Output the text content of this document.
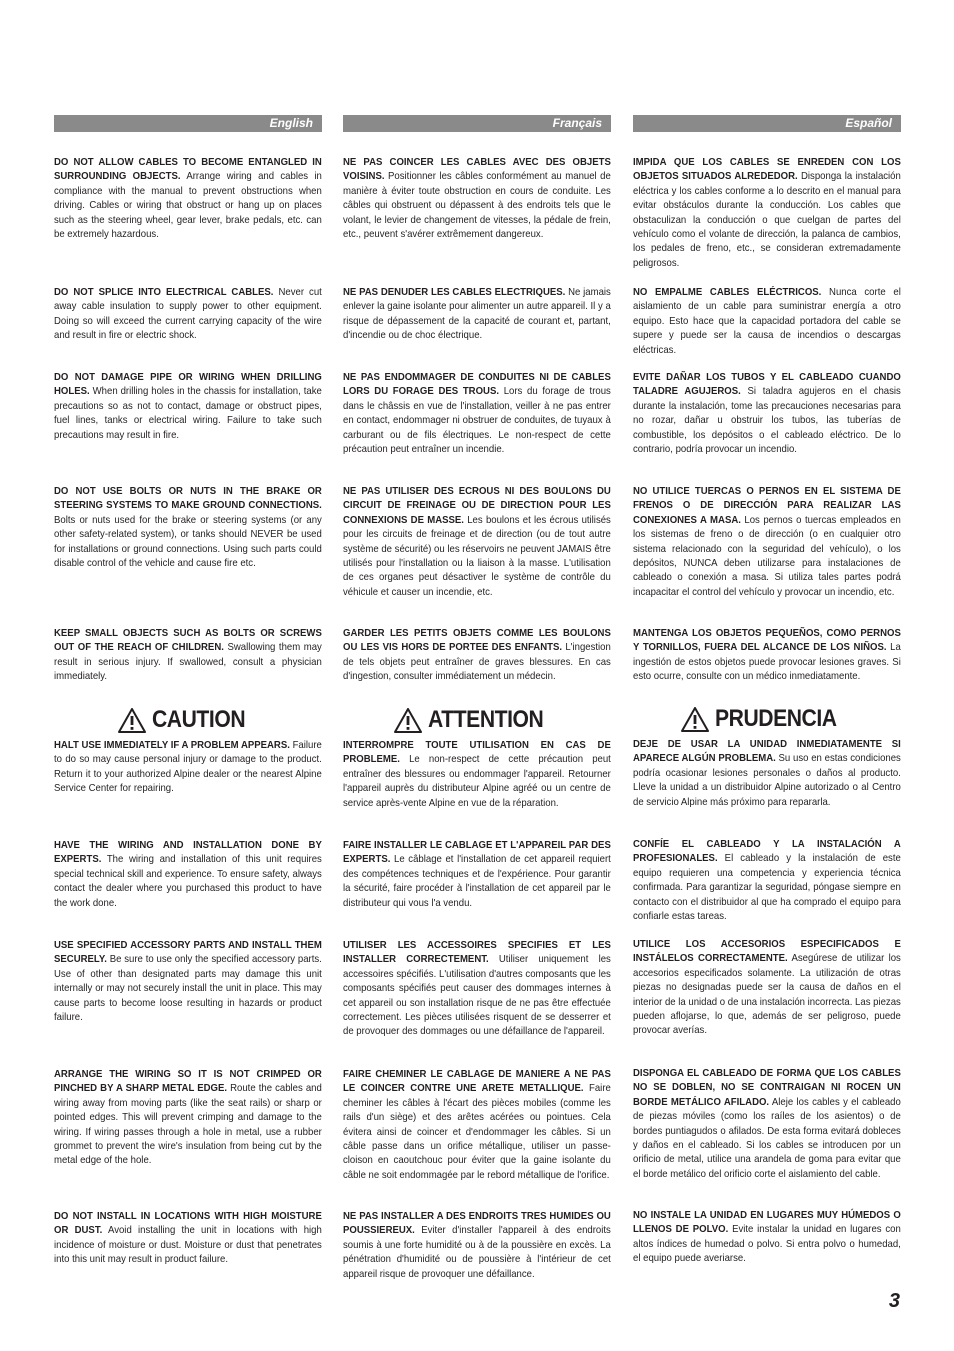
English
DO NOT ALLOW CABLES TO BECOME ENTANGLED IN SURROUNDING OBJECTS. Arrange wiring and cables in compliance with the manual to prevent obstructions when driving. Cables or wiring that obstruct or hang up on places such as the steering wheel, gear lever, brake pedals, etc. can be extremely hazardous.
DO NOT SPLICE INTO ELECTRICAL CABLES. Never cut away cable insulation to supply power to other equipment. Doing so will exceed the current carrying capacity of the wire and result in fire or electric shock.
DO NOT DAMAGE PIPE OR WIRING WHEN DRILLING HOLES. When drilling holes in the chassis for installation, take precautions so as not to contact, damage or obstruct pipes, fuel lines, tanks or electrical wiring. Failure to take such precautions may result in fire.
DO NOT USE BOLTS OR NUTS IN THE BRAKE OR STEERING SYSTEMS TO MAKE GROUND CONNECTIONS. Bolts or nuts used for the brake or steering systems (or any other safety-related system), or tanks should NEVER be used for installations or ground connections. Using such parts could disable control of the vehicle and cause fire etc.
KEEP SMALL OBJECTS SUCH AS BOLTS OR SCREWS OUT OF THE REACH OF CHILDREN. Swallowing them may result in serious injury. If swallowed, consult a physician immediately.
CAUTION
HALT USE IMMEDIATELY IF A PROBLEM APPEARS. Failure to do so may cause personal injury or damage to the product. Return it to your authorized Alpine dealer or the nearest Alpine Service Center for repairing.
HAVE THE WIRING AND INSTALLATION DONE BY EXPERTS. The wiring and installation of this unit requires special technical skill and experience. To ensure safety, always contact the dealer where you purchased this product to have the work done.
USE SPECIFIED ACCESSORY PARTS AND INSTALL THEM SECURELY. Be sure to use only the specified accessory parts. Use of other than designated parts may damage this unit internally or may not securely install the unit in place. This may cause parts to become loose resulting in hazards or product failure.
ARRANGE THE WIRING SO IT IS NOT CRIMPED OR PINCHED BY A SHARP METAL EDGE. Route the cables and wiring away from moving parts (like the seat rails) or sharp or pointed edges. This will prevent crimping and damage to the wiring. If wiring passes through a hole in metal, use a rubber grommet to prevent the wire's insulation from being cut by the metal edge of the hole.
DO NOT INSTALL IN LOCATIONS WITH HIGH MOISTURE OR DUST. Avoid installing the unit in locations with high incidence of moisture or dust. Moisture or dust that penetrates into this unit may result in product failure.
Français
NE PAS COINCER LES CABLES AVEC DES OBJETS VOISINS. Positionner les câbles conformément au manuel de manière à éviter toute obstruction en cours de conduite. Les câbles qui obstruent ou dépassent à des endroits tels que le volant, le levier de changement de vitesses, la pédale de frein, etc., peuvent s'avérer extrêmement dangereux.
NE PAS DENUDER LES CABLES ELECTRIQUES. Ne jamais enlever la gaine isolante pour alimenter un autre appareil. Il y a risque de dépassement de la capacité de courant et, partant, d'incendie ou de choc électrique.
NE PAS ENDOMMAGER DE CONDUITES NI DE CABLES LORS DU FORAGE DES TROUS. Lors du forage de trous dans le châssis en vue de l'installation, veiller à ne pas entrer en contact, endommager ni obstruer de conduites, de tuyaux à carburant ou de fils électriques. Le non-respect de cette précaution peut entraîner un incendie.
NE PAS UTILISER DES ECROUS NI DES BOULONS DU CIRCUIT DE FREINAGE OU DE DIRECTION POUR LES CONNEXIONS DE MASSE. Les boulons et les écrous utilisés pour les circuits de freinage et de direction (ou de tout autre système de sécurité) ou les réservoirs ne peuvent JAMAIS être utilisés pour l'installation ou la liaison à la masse. L'utilisation de ces organes peut désactiver le système de contrôle du véhicule et causer un incendie, etc.
GARDER LES PETITS OBJETS COMME LES BOULONS OU LES VIS HORS DE PORTEE DES ENFANTS. L'ingestion de tels objets peut entraîner de graves blessures. En cas d'ingestion, consulter immédiatement un médecin.
ATTENTION
INTERROMPRE TOUTE UTILISATION EN CAS DE PROBLEME. Le non-respect de cette précaution peut entraîner des blessures ou endommager l'appareil. Retourner l'appareil auprès du distributeur Alpine agréé ou un centre de service après-vente Alpine en vue de la réparation.
FAIRE INSTALLER LE CABLAGE ET L'APPAREIL PAR DES EXPERTS. Le câblage et l'installation de cet appareil requiert des compétences techniques et de l'expérience. Pour garantir la sécurité, faire procéder à l'installation de cet appareil par le distributeur qui vous l'a vendu.
UTILISER LES ACCESSOIRES SPECIFIES ET LES INSTALLER CORRECTEMENT. Utiliser uniquement les accessoires spécifiés. L'utilisation d'autres composants que les composants spécifiés peut causer des dommages internes à cet appareil ou son installation risque de ne pas être effectuée correctement. Les pièces utilisées risquent de se desserrer et de provoquer des dommages ou une défaillance de l'appareil.
FAIRE CHEMINER LE CABLAGE DE MANIERE A NE PAS LE COINCER CONTRE UNE ARETE METALLIQUE. Faire cheminer les câbles à l'écart des pièces mobiles (comme les rails d'un siège) et des arêtes acérées ou pointues. Cela évitera ainsi de coincer et d'endommager les câbles. Si un câble passe dans un orifice métallique, utiliser un passe-cloison en caoutchouc pour éviter que la gaine isolante du câble ne soit endommagée par le rebord métallique de l'orifice.
NE PAS INSTALLER A DES ENDROITS TRES HUMIDES OU POUSSIEREUX. Eviter d'installer l'appareil à des endroits soumis à une forte humidité ou à de la poussière en excès. La pénétration d'humidité ou de poussière à l'intérieur de cet appareil risque de provoquer une défaillance.
Español
IMPIDA QUE LOS CABLES SE ENREDEN CON LOS OBJETOS SITUADOS ALREDEDOR. Disponga la instalación eléctrica y los cables conforme a lo descrito en el manual para evitar obstáculos durante la conducción. Los cables que obstaculizan la conducción o que cuelgan de partes del vehículo como el volante de dirección, la palanca de cambios, los pedales de freno, etc., se consideran extremadamente peligrosos.
NO EMPALME CABLES ELÉCTRICOS. Nunca corte el aislamiento de un cable para suministrar energía a otro equipo. Esto hace que la capacidad portadora del cable se supere y puede ser la causa de incendios o descargas eléctricas.
EVITE DAÑAR LOS TUBOS Y EL CABLEADO CUANDO TALADRE AGUJEROS. Si taladra agujeros en el chasis durante la instalación, tome las precauciones necesarias para no rozar, dañar u obstruir los tubos, las tuberías de combustible, los depósitos o el cableado eléctrico. De lo contrario, podría provocar un incendio.
NO UTILICE TUERCAS O PERNOS EN EL SISTEMA DE FRENOS O DE DIRECCIÓN PARA REALIZAR LAS CONEXIONES A MASA. Los pernos o tuercas empleados en los sistemas de freno o de dirección (o en cualquier otro sistema relacionado con la seguridad del vehículo), o los depósitos, NUNCA deben utilizarse para instalaciones de cableado o conexión a masa. Si utiliza tales partes podrá incapacitar el control del vehículo y provocar un incendio, etc.
MANTENGA LOS OBJETOS PEQUEÑOS, COMO PERNOS Y TORNILLOS, FUERA DEL ALCANCE DE LOS NIÑOS. La ingestión de estos objetos puede provocar lesiones graves. Si esto ocurre, consulte con un médico inmediatamente.
PRUDENCIA
DEJE DE USAR LA UNIDAD INMEDIATAMENTE SI APARECE ALGÚN PROBLEMA. Su uso en estas condiciones podría ocasionar lesiones personales o daños al producto. Lleve la unidad a un distribuidor Alpine autorizado o al Centro de servicio Alpine más próximo para repararla.
CONFÍE EL CABLEADO Y LA INSTALACIÓN A PROFESIONALES. El cableado y la instalación de este equipo requieren una competencia y experiencia técnica confirmada. Para garantizar la seguridad, póngase siempre en contacto con el distribuidor al que ha comprado el equipo para confiarle estas tareas.
UTILICE LOS ACCESORIOS ESPECIFICADOS E INSTÁLELOS CORRECTAMENTE. Asegúrese de utilizar los accesorios especificados solamente. La utilización de otras piezas no designadas puede ser la causa de daños en el interior de la unidad o de una instalación incorrecta. Las piezas pueden aflojarse, lo que, además de ser peligroso, puede provocar averías.
DISPONGA EL CABLEADO DE FORMA QUE LOS CABLES NO SE DOBLEN, NO SE CONTRAIGAN NI ROCEN UN BORDE METÁLICO AFILADO. Aleje los cables y el cableado de piezas móviles (como los raíles de los asientos) o de bordes puntiagudos o afilados. De esta forma evitará dobleces y daños en el cableado. Si los cables se introducen por un orificio de metal, utilice una arandela de goma para evitar que el borde metálico del orificio corte el aislamiento del cable.
NO INSTALE LA UNIDAD EN LUGARES MUY HÚMEDOS O LLENOS DE POLVO. Evite instalar la unidad en lugares con altos índices de humedad o polvo. Si entra polvo o humedad, el equipo puede averiarse.
3
